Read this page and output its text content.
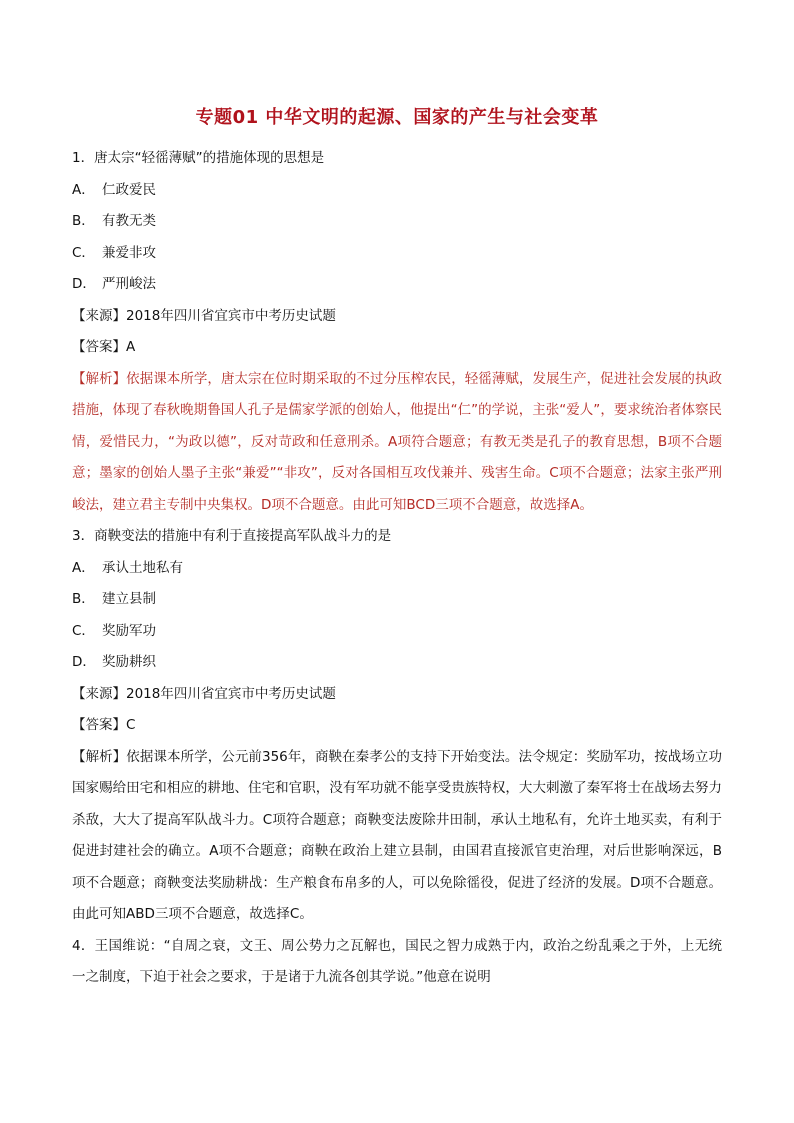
专题01 中华文明的起源、国家的产生与社会变革
1．唐太宗“轻徭薄赋”的措施体现的思想是
A． 仁政爱民
B． 有教无类
C． 兼爱非攻
D． 严刑峻法
【来源】2018年四川省宜宾市中考历史试题
【答案】A
【解析】依据课本所学，唐太宗在位时期采取的不过分压榨农民，轻徭薄赋，发展生产，促进社会发展的执政措施，体现了春秋晚期鲁国人孔子是儒家学派的创始人，他提出“仁”的学说，主张“爱人”，要求统治者体察民情，爱惜民力，“为政以德”，反对苛政和任意刑杀。A项符合题意；有教无类是孔子的教育思想，B项不合题意；墨家的创始人墨子主张“兼爱”“非攻”，反对各国相互攻伐兼并、残害生命。C项不合题意；法家主张严刑峻法，建立君主专制中央集权。D项不合题意。由此可知BCD三项不合题意，故选择A。
3．商鞅变法的措施中有利于直接提高军队战斗力的是
A． 承认土地私有
B． 建立县制
C． 奖励军功
D． 奖励耕织
【来源】2018年四川省宜宾市中考历史试题
【答案】C
【解析】依据课本所学，公元前356年，商鞅在秦孝公的支持下开始变法。法令规定：奖励军功，按战场立功国家赐给田宅和相应的耕地、住宅和官职，没有军功就不能享受贵族特权，大大刺激了秦军将士在战场去努力杀敌，大大了提高军队战斗力。C项符合题意；商鞅变法废除井田制，承认土地私有，允许土地买卖，有利于促进封建社会的确立。A项不合题意；商鞅在政治上建立县制，由国君直接派官吏治理，对后世影响深远，B项不合题意；商鞅变法奖励耕战：生产粮食布帛多的人，可以免除徭役，促进了经济的发展。D项不合题意。由此可知ABD三项不合题意，故选择C。
4．王国维说：“自周之衰，文王、周公势力之瓦解也，国民之智力成熟于内，政治之纷乱乘之于外，上无统一之制度，下迫于社会之要求，于是诸于九流各创其学说。”他意在说明
